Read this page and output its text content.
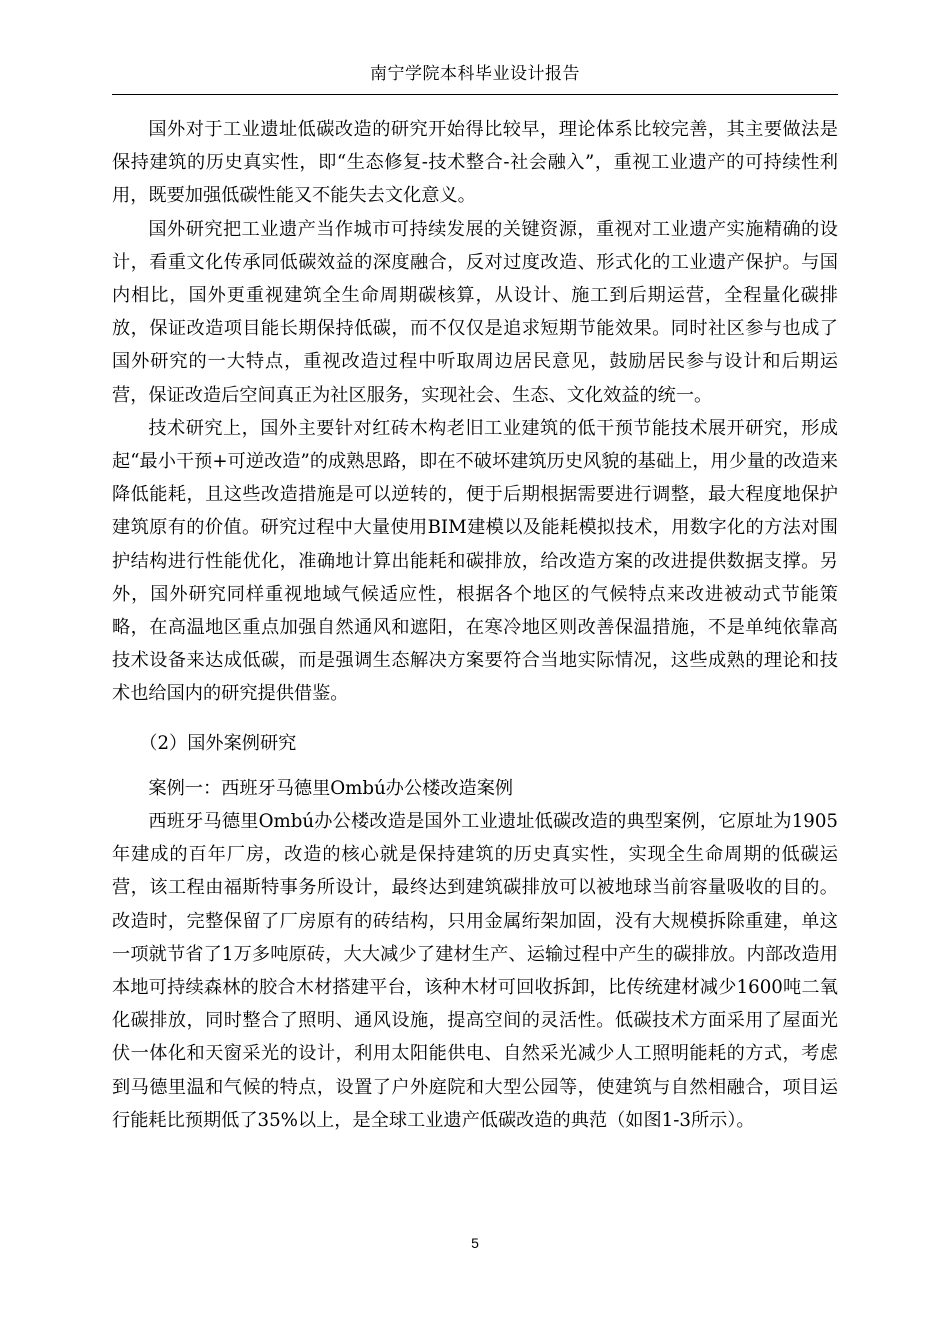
南宁学院本科毕业设计报告

国外对于工业遗址低碳改造的研究开始得比较早，理论体系比较完善，其主要做法是保持建筑的历史真实性，即“生态修复-技术整合-社会融入”，重视工业遗产的可持续性利用，既要加强低碳性能又不能失去文化意义。

国外研究把工业遗产当作城市可持续发展的关键资源，重视对工业遗产实施精确的设计，看重文化传承同低碳效益的深度融合，反对过度改造、形式化的工业遗产保护。与国内相比，国外更重视建筑全生命周期碳核算，从设计、施工到后期运营，全程量化碳排放，保证改造项目能长期保持低碳，而不仅仅是追求短期节能效果。同时社区参与也成了国外研究的一大特点，重视改造过程中听取周边居民意见，鼓励居民参与设计和后期运营，保证改造后空间真正为社区服务，实现社会、生态、文化效益的统一。

技术研究上，国外主要针对红砖木构老旧工业建筑的低干预节能技术展开研究，形成起“最小干预+可逆改造”的成熟思路，即在不破坏建筑历史风貌的基础上，用少量的改造来降低能耗，且这些改造措施是可以逆转的，便于后期根据需要进行调整，最大程度地保护建筑原有的价值。研究过程中大量使用BIM建模以及能耗模拟技术，用数字化的方法对围护结构进行性能优化，准确地计算出能耗和碳排放，给改造方案的改进提供数据支撑。另外，国外研究同样重视地域气候适应性，根据各个地区的气候特点来改进被动式节能策略，在高温地区重点加强自然通风和遮阳，在寒冷地区则改善保温措施，不是单纯依靠高技术设备来达成低碳，而是强调生态解决方案要符合当地实际情况，这些成熟的理论和技术也给国内的研究提供借鉴。

（2）国外案例研究

案例一：西班牙马德里Ombú办公楼改造案例

西班牙马德里Ombú办公楼改造是国外工业遗址低碳改造的典型案例，它原址为1905年建成的百年厂房，改造的核心就是保持建筑的历史真实性，实现全生命周期的低碳运营，该工程由福斯特事务所设计，最终达到建筑碳排放可以被地球当前容量吸收的目的。改造时，完整保留了厂房原有的砖结构，只用金属绗架加固，没有大规模拆除重建，单这一项就节省了1万多吨原砖，大大减少了建材生产、运输过程中产生的碳排放。内部改造用本地可持续森林的胶合木材搭建平台，该种木材可回收拆卸，比传统建材减少1600吨二氧化碳排放，同时整合了照明、通风设施，提高空间的灵活性。低碳技术方面采用了屋面光伏一体化和天窗采光的设计，利用太阳能供电、自然采光减少人工照明能耗的方式，考虑到马德里温和气候的特点，设置了户外庭院和大型公园等，使建筑与自然相融合，项目运行能耗比预期低了35%以上，是全球工业遗产低碳改造的典范（如图1-3所示）。

5
